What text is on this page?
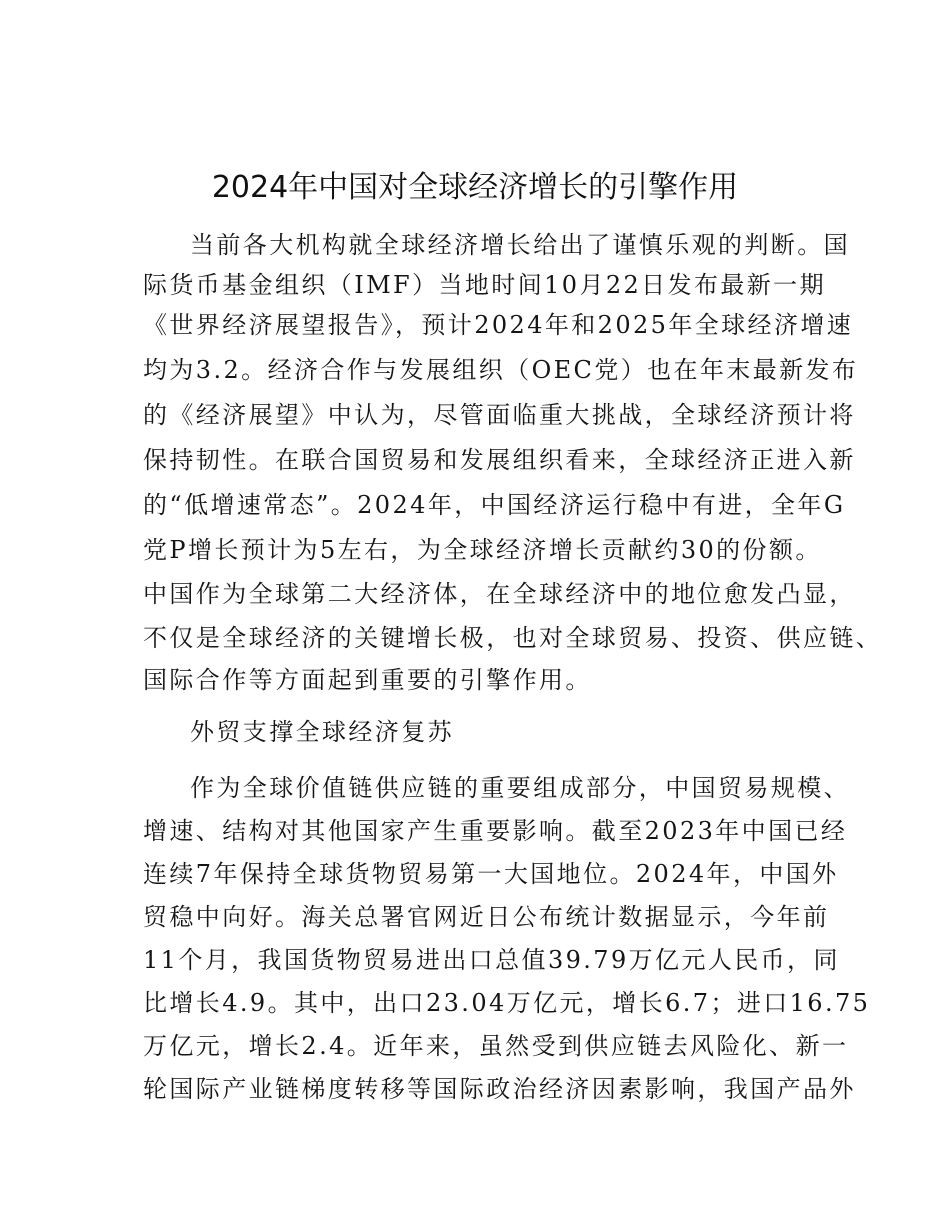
2024年中国对全球经济增长的引擎作用
当前各大机构就全球经济增长给出了谨慎乐观的判断。国
际货币基金组织（IMF）当地时间10月22日发布最新一期
《世界经济展望报告》，预计2024年和2025年全球经济增速
均为3.2。经济合作与发展组织（OEC党）也在年末最新发布
的《经济展望》中认为，尽管面临重大挑战，全球经济预计将
保持韧性。在联合国贸易和发展组织看来，全球经济正进入新
的“低增速常态”。2024年，中国经济运行稳中有进，全年G
党P增长预计为5左右，为全球经济增长贡献约30的份额。
中国作为全球第二大经济体，在全球经济中的地位愈发凸显，
不仅是全球经济的关键增长极，也对全球贸易、投资、供应链、
国际合作等方面起到重要的引擎作用。
外贸支撑全球经济复苏
作为全球价值链供应链的重要组成部分，中国贸易规模、
增速、结构对其他国家产生重要影响。截至2023年中国已经
连续7年保持全球货物贸易第一大国地位。2024年，中国外
贸稳中向好。海关总署官网近日公布统计数据显示，今年前
11个月，我国货物贸易进出口总值39.79万亿元人民币，同
比增长4.9。其中，出口23.04万亿元，增长6.7；进口16.75
万亿元，增长2.4。近年来，虽然受到供应链去风险化、新一
轮国际产业链梯度转移等国际政治经济因素影响，我国产品外
